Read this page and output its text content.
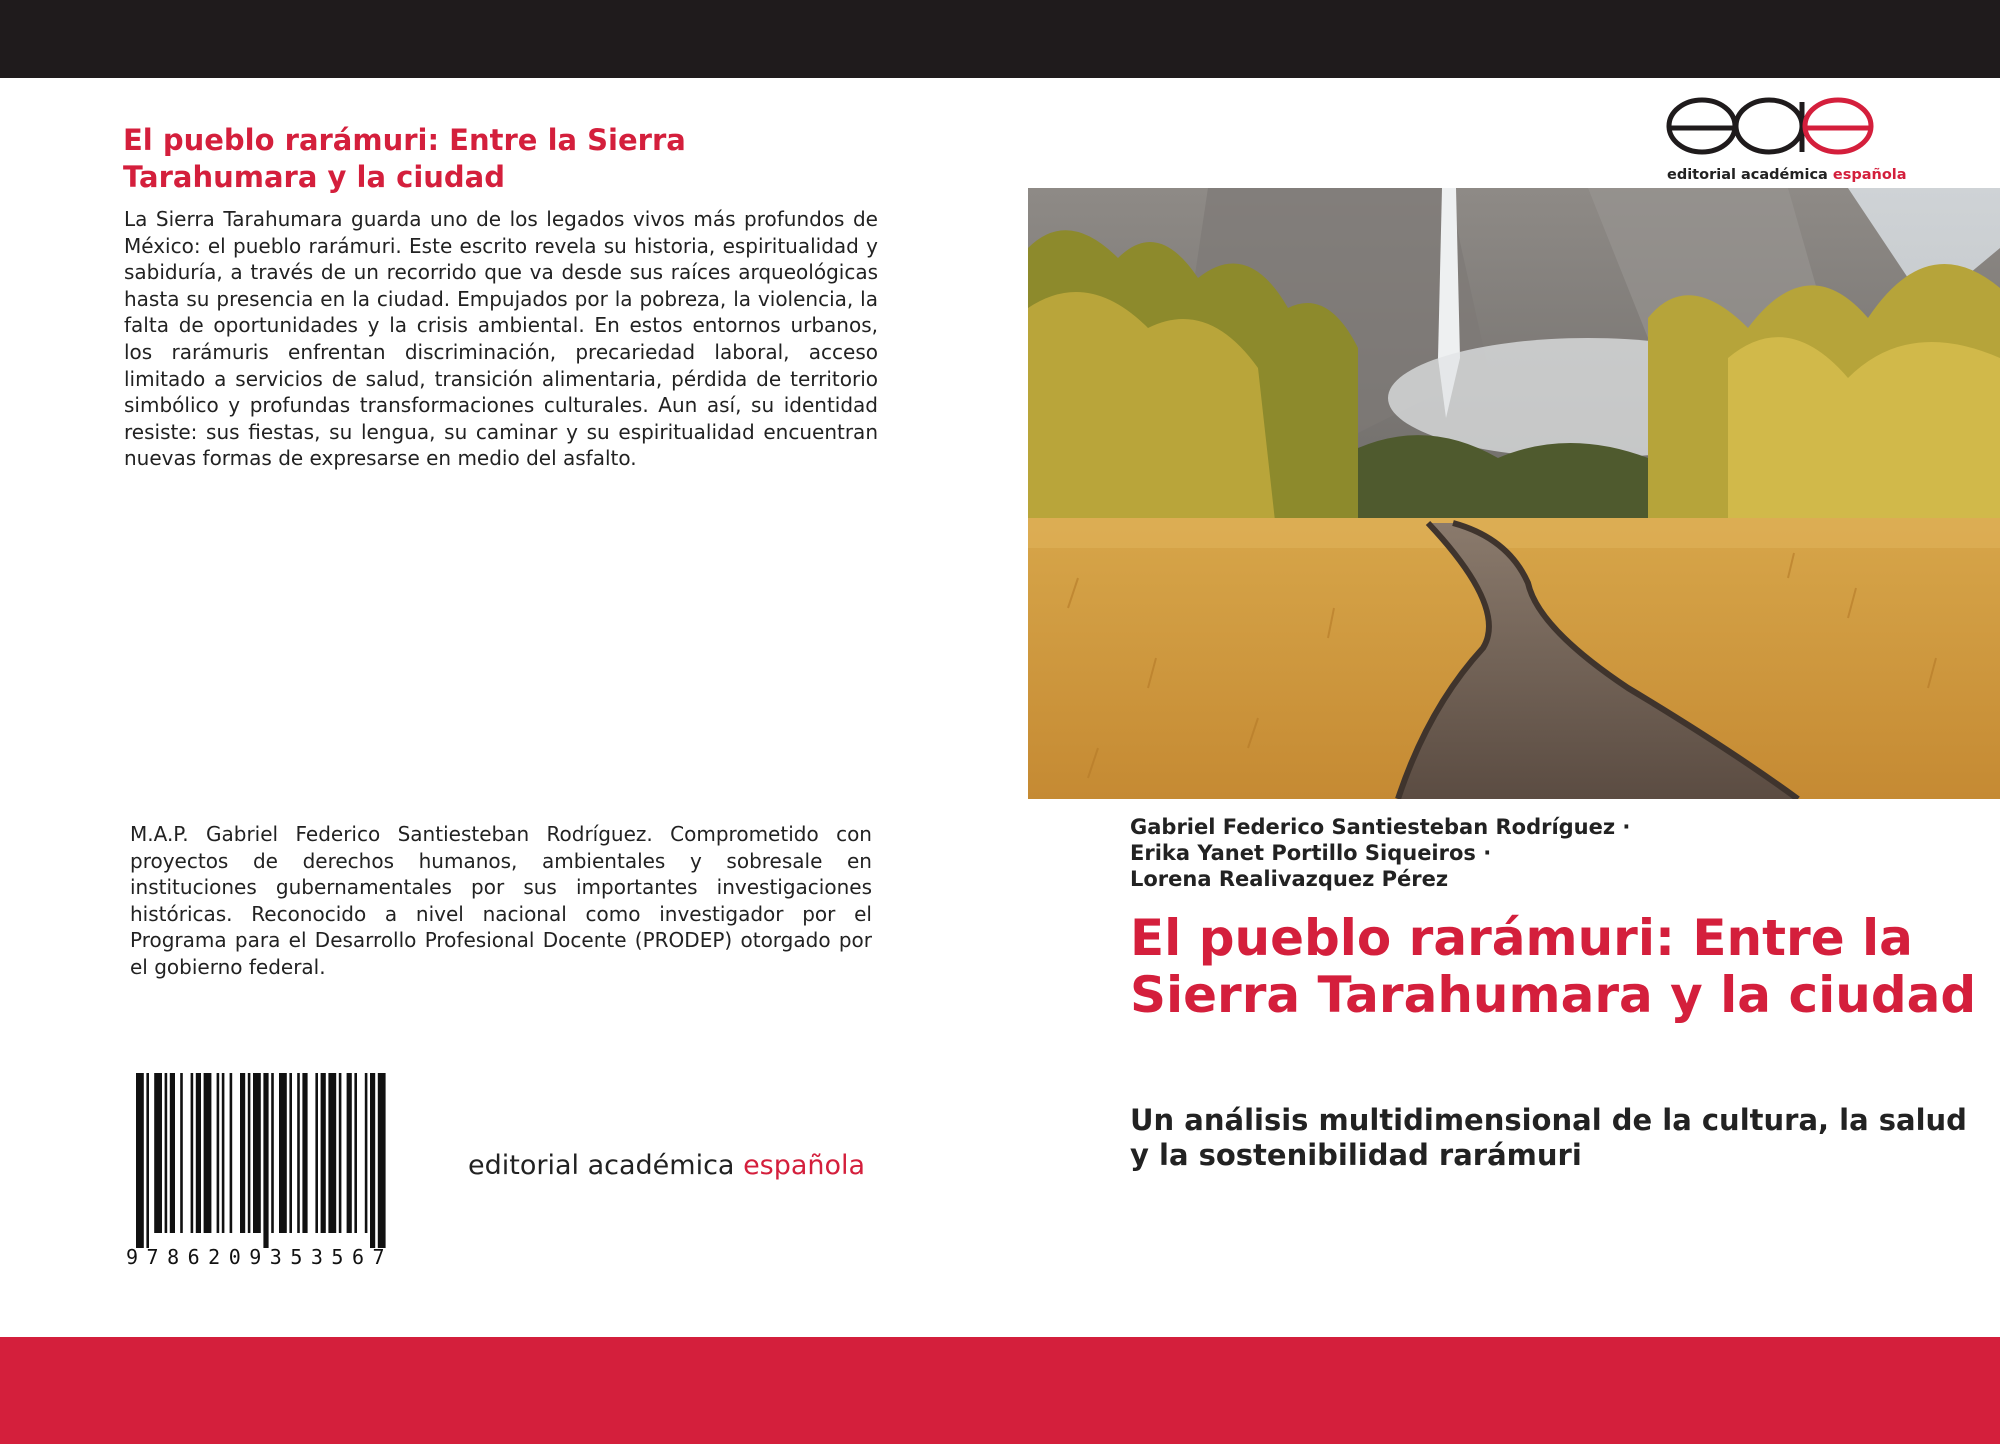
El pueblo rarámuri: Entre la Sierra Tarahumara y la ciudad

La Sierra Tarahumara guarda uno de los legados vivos más profundos de México: el pueblo rarámuri. Este escrito revela su historia, espiritualidad y sabiduría, a través de un recorrido que va desde sus raíces arqueológicas hasta su presencia en la ciudad. Empujados por la pobreza, la violencia, la falta de oportunidades y la crisis ambiental. En estos entornos urbanos, los rarámuris enfrentan discriminación, precariedad laboral, acceso limitado a servicios de salud, transición alimentaria, pérdida de territorio simbólico y profundas transformaciones culturales. Aun así, su identidad resiste: sus fiestas, su lengua, su caminar y su espiritualidad encuentran nuevas formas de expresarse en medio del asfalto.

M.A.P. Gabriel Federico Santiesteban Rodríguez. Comprometido con proyectos de derechos humanos, ambientales y sobresale en instituciones gubernamentales por sus importantes investigaciones históricas. Reconocido a nivel nacional como investigador por el Programa para el Desarrollo Profesional Docente (PRODEP) otorgado por el gobierno federal.

9786209353567
editorial académica española
editorial académica española
Gabriel Federico Santiesteban Rodríguez ·
Erika Yanet Portillo Siqueiros ·
Lorena Realivazquez Pérez
El pueblo rarámuri: Entre la Sierra Tarahumara y la ciudad
Un análisis multidimensional de la cultura, la salud y la sostenibilidad rarámuri
